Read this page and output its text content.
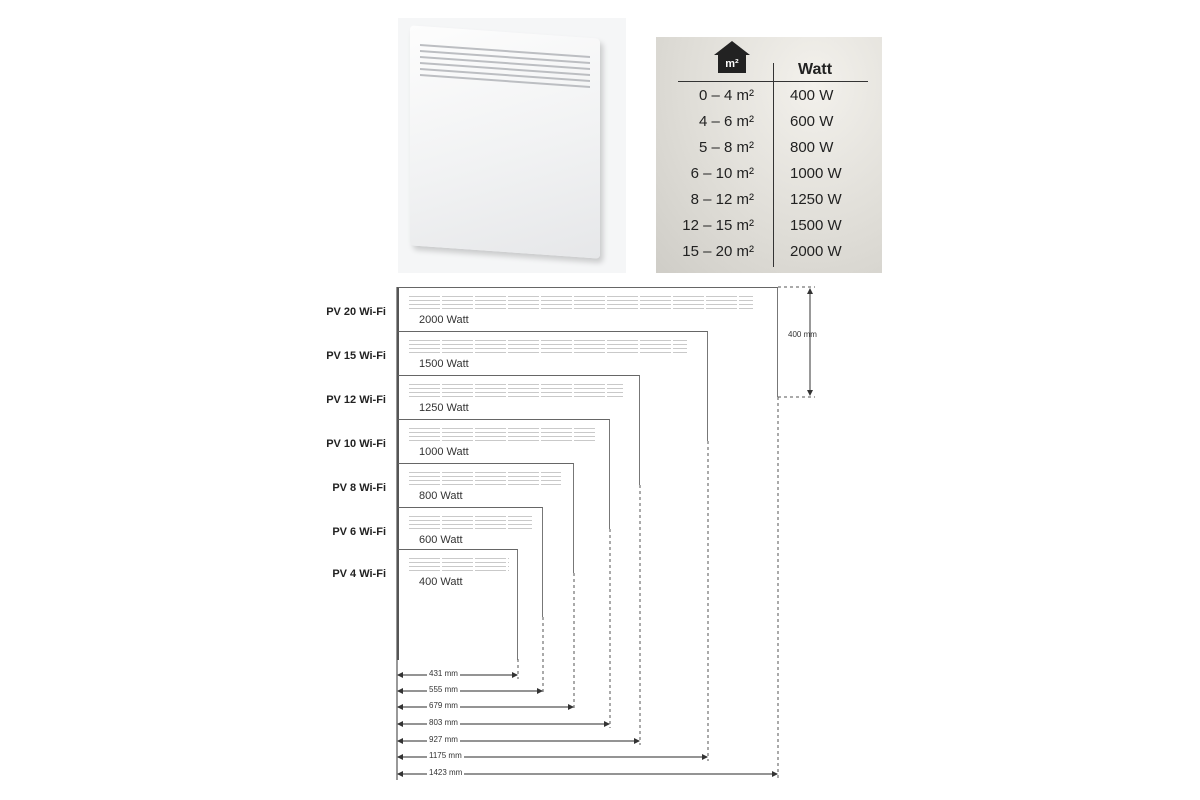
m²	Watt
0 – 4 m² 400 W
4 – 6 m² 600 W
5 – 8 m² 800 W
6 – 10 m² 1000 W
8 – 12 m² 1250 W
12 – 15 m² 1500 W
15 – 20 m² 2000 W
PV 20 Wi-Fi
2000 Watt
1423 mm
PV 15 Wi-Fi
1500 Watt
1175 mm
PV 12 Wi-Fi
1250 Watt
927 mm
PV 10 Wi-Fi
1000 Watt
803 mm
PV 8 Wi-Fi
800 Watt
679 mm
PV 6 Wi-Fi
600 Watt
555 mm
PV 4 Wi-Fi
400 Watt
431 mm
400 mm
